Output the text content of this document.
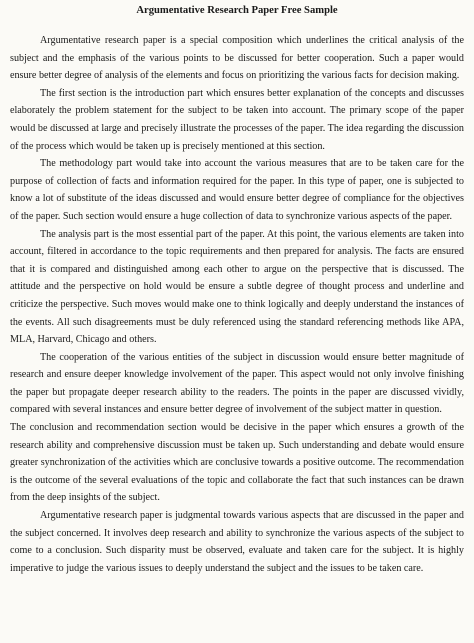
Argumentative Research Paper Free Sample

Argumentative research paper is a special composition which underlines the critical analysis of the subject and the emphasis of the various points to be discussed for better cooperation. Such a paper would ensure better degree of analysis of the elements and focus on prioritizing the various facts for decision making.

The first section is the introduction part which ensures better explanation of the concepts and discusses elaborately the problem statement for the subject to be taken into account. The primary scope of the paper would be discussed at large and precisely illustrate the processes of the paper. The idea regarding the discussion of the process which would be taken up is precisely mentioned at this section.

The methodology part would take into account the various measures that are to be taken care for the purpose of collection of facts and information required for the paper. In this type of paper, one is subjected to know a lot of substitute of the ideas discussed and would ensure better degree of compliance for the objectives of the paper. Such section would ensure a huge collection of data to synchronize various aspects of the paper.

The analysis part is the most essential part of the paper. At this point, the various elements are taken into account, filtered in accordance to the topic requirements and then prepared for analysis. The facts are ensured that it is compared and distinguished among each other to argue on the perspective that is discussed. The attitude and the perspective on hold would be ensure a subtle degree of thought process and underline and criticize the perspective. Such moves would make one to think logically and deeply understand the instances of the events. All such disagreements must be duly referenced using the standard referencing methods like APA, MLA, Harvard, Chicago and others.

The cooperation of the various entities of the subject in discussion would ensure better magnitude of research and ensure deeper knowledge involvement of the paper. This aspect would not only involve finishing the paper but propagate deeper research ability to the readers. The points in the paper are discussed vividly, compared with several instances and ensure better degree of involvement of the subject matter in question.

The conclusion and recommendation section would be decisive in the paper which ensures a growth of the research ability and comprehensive discussion must be taken up. Such understanding and debate would ensure greater synchronization of the activities which are conclusive towards a positive outcome. The recommendation is the outcome of the several evaluations of the topic and collaborate the fact that such instances can be drawn from the deep insights of the subject.

Argumentative research paper is judgmental towards various aspects that are discussed in the paper and the subject concerned. It involves deep research and ability to synchronize the various aspects of the subject to come to a conclusion. Such disparity must be observed, evaluate and taken care for the subject. It is highly imperative to judge the various issues to deeply understand the subject and the issues to be taken care.
